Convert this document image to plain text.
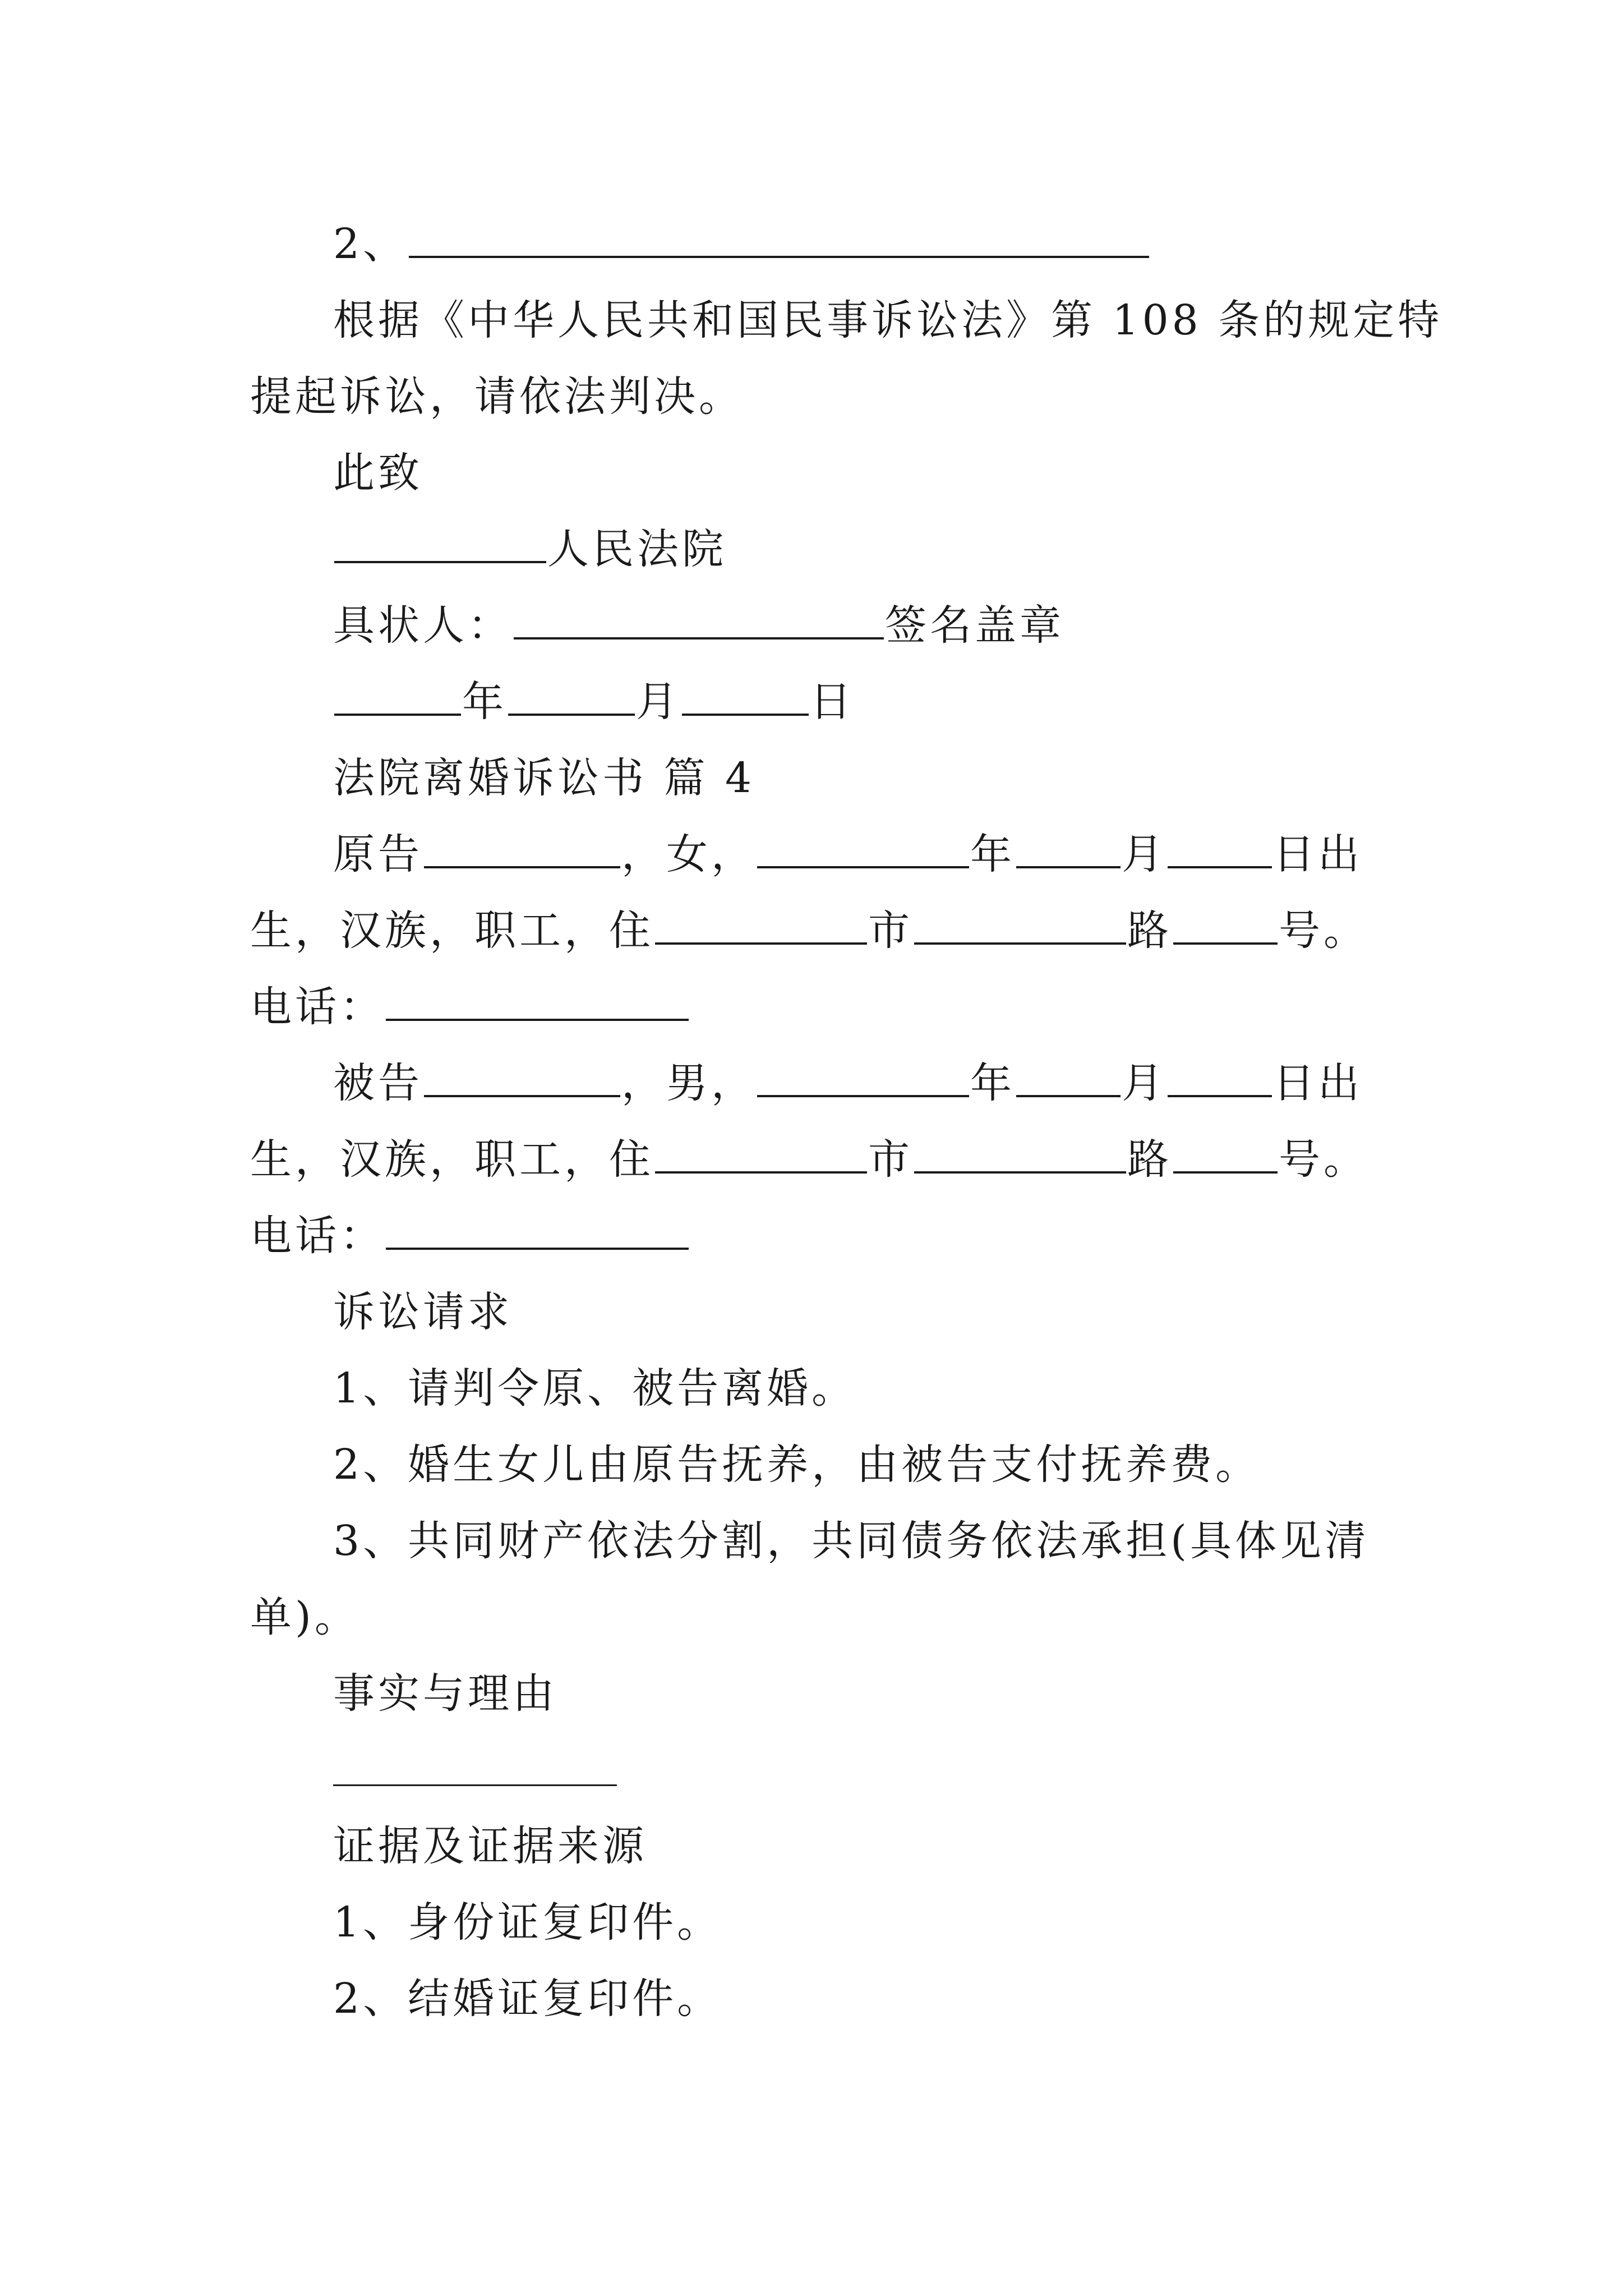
2、
根据《中华人民共和国民事诉讼法》第 108 条的规定特
提起诉讼，请依法判决。
此致
人民法院
具状人：	签名盖章
年	月	日
法院离婚诉讼书 篇 4
原告	，女，	年	月	日出
生，汉族，职工，住	市	路	号。
电话：
被告	，男，	年	月	日出
生，汉族，职工，住	市	路	号。
电话：
诉讼请求
1、请判令原、被告离婚。
2、婚生女儿由原告抚养，由被告支付抚养费。
3、共同财产依法分割，共同债务依法承担(具体见清
单)。
事实与理由
证据及证据来源
1、身份证复印件。
2、结婚证复印件。
